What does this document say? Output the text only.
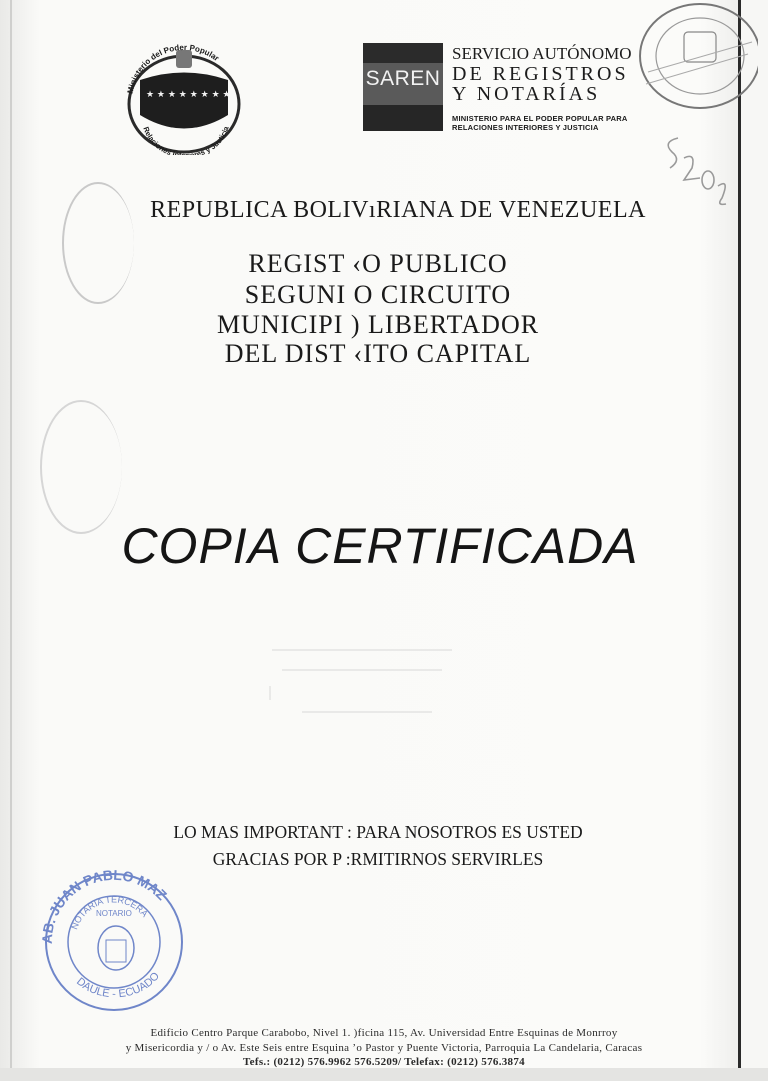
★ ★ ★ ★ ★ ★ ★ ★
Ministerio del Poder Popular
Relaciones In res y Justicia
SAREN
SERVICIO AUTÓNOMO
DE REGISTROS
Y NOTARÍAS
MINISTERIO PARA EL PODER POPULAR PARA
RELACIONES INTERIORES Y JUSTICIA
REPUBLICA BOLIVıRIANA DE VENEZUELA
REGIST ‹O PUBLICO
SEGUNI O CIRCUITO
MUNICIPI ) LIBERTADOR
DEL DIST ‹ITO CAPITAL
COPIA CERTIFICADA
LO MAS IMPORTANT : PARA NOSOTROS ES USTED
GRACIAS POR P :RMITIRNOS SERVIRLES
AB. JUAN PABLO MAZ
NOTARIA TERCERA
NOTARIO
DAULE - ECUADO
Edificio Centro Parque Carabobo, Nivel 1. )ficina 115, Av. Universidad Entre Esquinas de Monrroy
y Misericordia y / o Av. Este Seis entre Esquina ’o Pastor y Puente Victoria, Parroquia La Candelaria, Caracas
Tefs.: (0212) 576.9962 576.5209/ Telefax: (0212) 576.3874
